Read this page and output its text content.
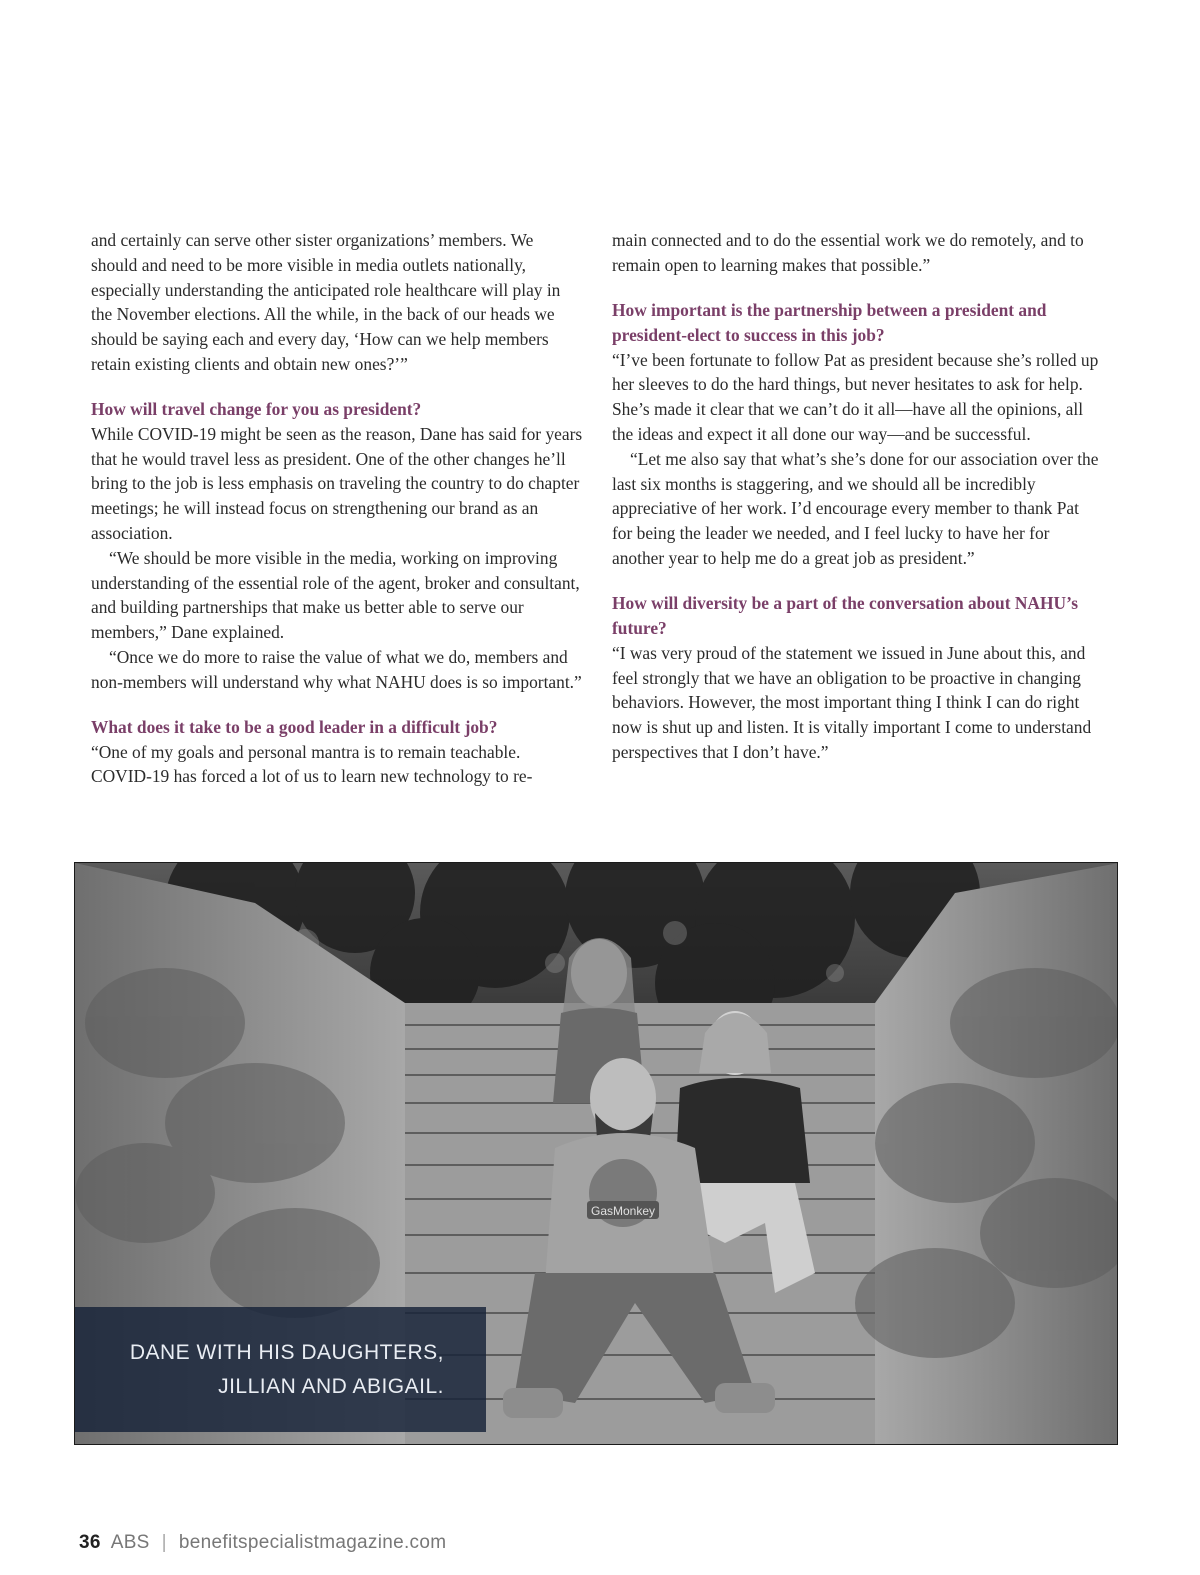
and certainly can serve other sister organizations’ members. We should and need to be more visible in media outlets nationally, especially understanding the anticipated role healthcare will play in the November elections. All the while, in the back of our heads we should be saying each and every day, ‘How can we help members retain existing clients and obtain new ones?’”

How will travel change for you as president?

While COVID-19 might be seen as the reason, Dane has said for years that he would travel less as president. One of the other changes he’ll bring to the job is less emphasis on traveling the country to do chapter meetings; he will instead focus on strengthening our brand as an association.

“We should be more visible in the media, working on improving understanding of the essential role of the agent, broker and consultant, and building partnerships that make us better able to serve our members,” Dane explained.

“Once we do more to raise the value of what we do, members and non-members will understand why what NAHU does is so important.”

What does it take to be a good leader in a difficult job?

“One of my goals and personal mantra is to remain teachable. COVID-19 has forced a lot of us to learn new technology to re-

main connected and to do the essential work we do remotely, and to remain open to learning makes that possible.”

How important is the partnership between a president and president-elect to success in this job?

“I’ve been fortunate to follow Pat as president because she’s rolled up her sleeves to do the hard things, but never hesitates to ask for help. She’s made it clear that we can’t do it all—have all the opinions, all the ideas and expect it all done our way—and be successful.

“Let me also say that what’s she’s done for our association over the last six months is staggering, and we should all be incredibly appreciative of her work. I’d encourage every member to thank Pat for being the leader we needed, and I feel lucky to have her for another year to help me do a great job as president.”

How will diversity be a part of the conversation about NAHU’s future?

“I was very proud of the statement we issued in June about this, and feel strongly that we have an obligation to be proactive in changing behaviors. However, the most important thing I think I can do right now is shut up and listen. It is vitally important I come to understand perspectives that I don’t have.”

GasMonkey
DANE WITH HIS DAUGHTERS,
JILLIAN AND ABIGAIL.
36 ABS | benefitspecialistmagazine.com
